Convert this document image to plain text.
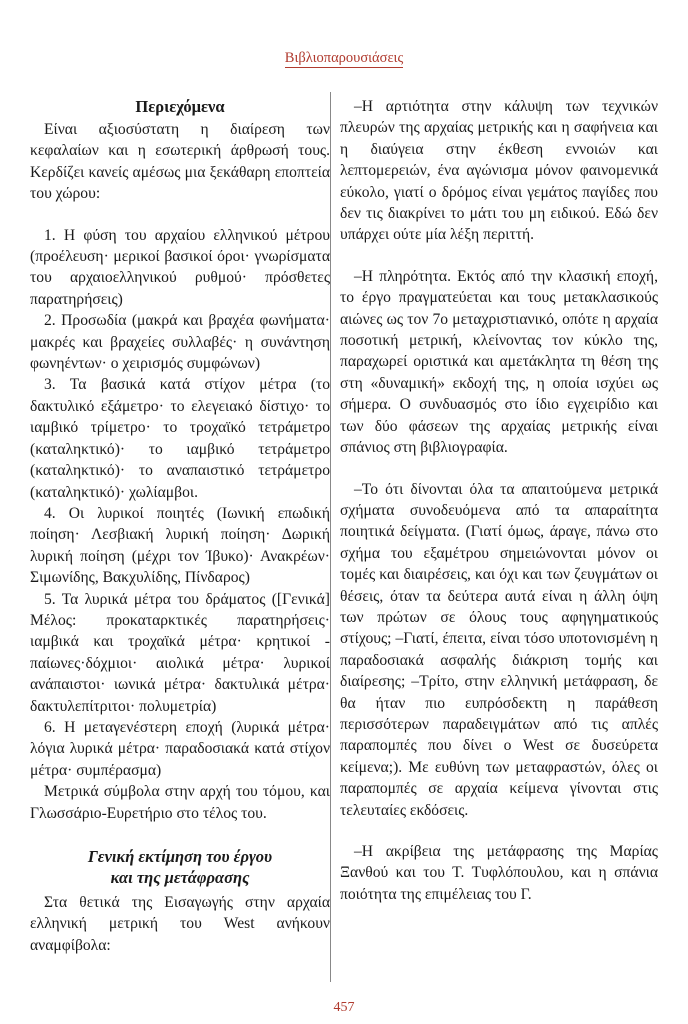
Βιβλιοπαρουσιάσεις
Περιεχόμενα

Είναι αξιοσύστατη η διαίρεση των κεφαλαίων και η εσωτερική άρθρωσή τους. Κερδίζει κανείς αμέσως μια ξεκάθαρη εποπτεία του χώρου:

1. Η φύση του αρχαίου ελληνικού μέτρου (προέλευση· μερικοί βασικοί όροι· γνωρίσματα του αρχαιοελληνικού ρυθμού· πρόσθετες παρατηρήσεις)

2. Προσωδία (μακρά και βραχέα φωνήματα· μακρές και βραχείες συλλαβές· η συνάντηση φωνηέντων· ο χειρισμός συμφώνων)

3. Τα βασικά κατά στίχον μέτρα (το δακτυλικό εξάμετρο· το ελεγειακό δίστιχο· το ιαμβικό τρίμετρο· το τροχαϊκό τετράμετρο (καταληκτικό)· το ιαμβικό τετράμετρο (καταληκτικό)· το αναπαιστικό τετράμετρο (καταληκτικό)· χωλίαμβοι.

4. Οι λυρικοί ποιητές (Ιωνική επωδική ποίηση· Λεσβιακή λυρική ποίηση· Δωρική λυρική ποίηση (μέχρι τον Ίβυκο)· Ανακρέων· Σιμωνίδης, Βακχυλίδης, Πίνδαρος)

5. Τα λυρικά μέτρα του δράματος ([Γενικά] Μέλος: προκαταρκτικές παρατηρήσεις· ιαμβικά και τροχαϊκά μέτρα· κρητικοί - παίωνες·δόχμιοι· αιολικά μέτρα· λυρικοί ανάπαιστοι· ιωνικά μέτρα· δακτυλικά μέτρα· δακτυλεπίτριτοι· πολυμετρία)

6. Η μεταγενέστερη εποχή (λυρικά μέτρα· λόγια λυρικά μέτρα· παραδοσιακά κατά στίχον μέτρα· συμπέρασμα)

Μετρικά σύμβολα στην αρχή του τόμου, και Γλωσσάριο-Ευρετήριο στο τέλος του.

Γενική εκτίμηση του έργου
και της μετάφρασης

Στα θετικά της Εισαγωγής στην αρχαία ελληνική μετρική του West ανήκουν αναμφίβολα:

–Η αρτιότητα στην κάλυψη των τεχνικών πλευρών της αρχαίας μετρικής και η σαφήνεια και η διαύγεια στην έκθεση εννοιών και λεπτομερειών, ένα αγώνισμα μόνον φαινομενικά εύκολο, γιατί ο δρόμος είναι γεμάτος παγίδες που δεν τις διακρίνει το μάτι του μη ειδικού. Εδώ δεν υπάρχει ούτε μία λέξη περιττή.

–Η πληρότητα. Εκτός από την κλασική εποχή, το έργο πραγματεύεται και τους μετακλασικούς αιώνες ως τον 7ο μεταχριστιανικό, οπότε η αρχαία ποσοτική μετρική, κλείνοντας τον κύκλο της, παραχωρεί οριστικά και αμετάκλητα τη θέση της στη «δυναμική» εκδοχή της, η οποία ισχύει ως σήμερα. Ο συνδυασμός στο ίδιο εγχειρίδιο και των δύο φάσεων της αρχαίας μετρικής είναι σπάνιος στη βιβλιογραφία.

–Το ότι δίνονται όλα τα απαιτούμενα μετρικά σχήματα συνοδευόμενα από τα απαραίτητα ποιητικά δείγματα. (Γιατί όμως, άραγε, πάνω στο σχήμα του εξαμέτρου σημειώνονται μόνον οι τομές και διαιρέσεις, και όχι και των ζευγμάτων οι θέσεις, όταν τα δεύτερα αυτά είναι η άλλη όψη των πρώτων σε όλους τους αφηγηματικούς στίχους; –Γιατί, έπειτα, είναι τόσο υποτονισμένη η παραδοσιακά ασφαλής διάκριση τομής και διαίρεσης; –Τρίτο, στην ελληνική μετάφραση, δε θα ήταν πιο ευπρόσδεκτη η παράθεση περισσότερων παραδειγμάτων από τις απλές παραπομπές που δίνει ο West σε δυσεύρετα κείμενα;). Με ευθύνη των μεταφραστών, όλες οι παραπομπές σε αρχαία κείμενα γίνονται στις τελευταίες εκδόσεις.

–Η ακρίβεια της μετάφρασης της Μαρίας Ξανθού και του Τ. Τυφλόπουλου, και η σπάνια ποιότητα της επιμέλειας του Γ.

457
